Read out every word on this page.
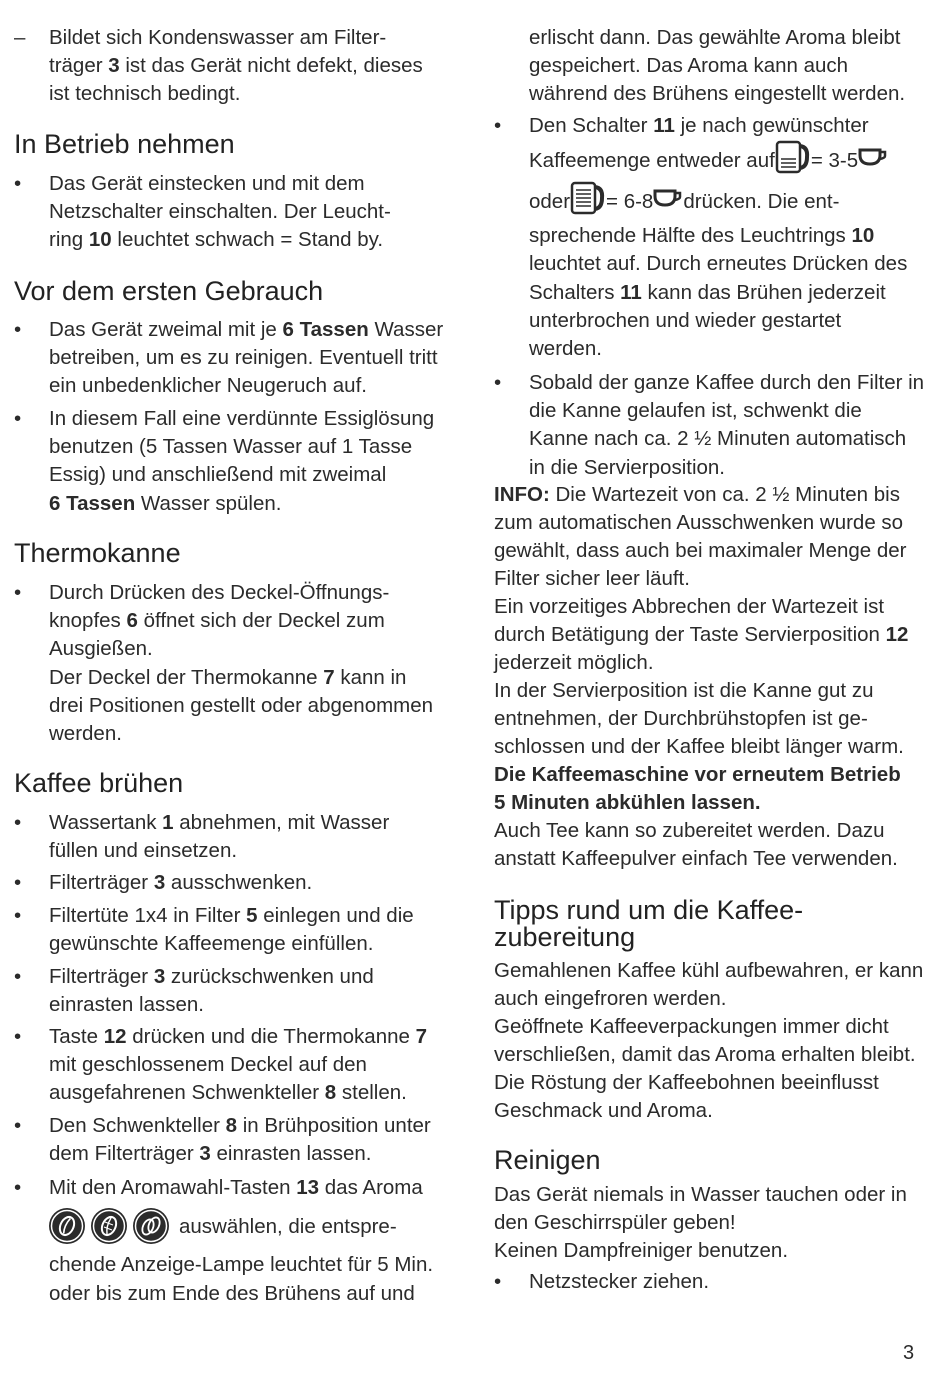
–	Bildet sich Kondenswasser am Filter-
träger 3 ist das Gerät nicht defekt, dieses
ist technisch bedingt.
In Betrieb nehmen
•	Das Gerät einstecken und mit dem
Netzschalter einschalten. Der Leucht-
ring 10 leuchtet schwach = Stand by.
Vor dem ersten Gebrauch
•	Das Gerät zweimal mit je 6 Tassen Wasser
betreiben, um es zu reinigen. Eventuell tritt
ein unbedenklicher Neugeruch auf.
•	In diesem Fall eine verdünnte Essiglösung
benutzen (5 Tassen Wasser auf 1 Tasse
Essig) und anschließend mit zweimal
6 Tassen Wasser spülen.
Thermokanne
•	Durch Drücken des Deckel-Öffnungs-
knopfes 6 öffnet sich der Deckel zum
Ausgießen.
Der Deckel der Thermokanne 7 kann in
drei Positionen gestellt oder abgenommen
werden.
Kaffee brühen
•	Wassertank 1 abnehmen, mit Wasser
füllen und einsetzen.
•	Filterträger 3 ausschwenken.
•	Filtertüte 1x4 in Filter 5 einlegen und die
gewünschte Kaffeemenge einfüllen.
•	Filterträger 3 zurückschwenken und
einrasten lassen.
•	Taste 12 drücken und die Thermokanne 7
mit geschlossenem Deckel auf den
ausgefahrenen Schwenkteller 8 stellen.
•	Den Schwenkteller 8 in Brühposition unter
dem Filterträger 3 einrasten lassen.
•	Mit den Aromawahl-Tasten 13 das Aroma

auswählen, die entspre-
chende Anzeige-Lampe leuchtet für 5 Min.
oder bis zum Ende des Brühens auf und
erlischt dann. Das gewählte Aroma bleibt
gespeichert. Das Aroma kann auch
während des Brühens eingestellt werden.
•	Den Schalter 11 je nach gewünschter

Kaffeemenge entweder auf = 3-5
oder = 6-8 drücken. Die ent-
sprechende Hälfte des Leuchtrings 10
leuchtet auf. Durch erneutes Drücken des
Schalters 11 kann das Brühen jederzeit
unterbrochen und wieder gestartet
werden.
•	Sobald der ganze Kaffee durch den Filter in
die Kanne gelaufen ist, schwenkt die
Kanne nach ca. 2 ½ Minuten automatisch
in die Servierposition.
INFO: Die Wartezeit von ca. 2 ½ Minuten bis
zum automatischen Ausschwenken wurde so
gewählt, dass auch bei maximaler Menge der
Filter sicher leer läuft.
Ein vorzeitiges Abbrechen der Wartezeit ist
durch Betätigung der Taste Servierposition 12
jederzeit möglich.
In der Servierposition ist die Kanne gut zu
entnehmen, der Durchbrühstopfen ist ge-
schlossen und der Kaffee bleibt länger warm.
Die Kaffeemaschine vor erneutem Betrieb
5 Minuten abkühlen lassen.
Auch Tee kann so zubereitet werden. Dazu
anstatt Kaffeepulver einfach Tee verwenden.
Tipps rund um die Kaffee-
zubereitung
Gemahlenen Kaffee kühl aufbewahren, er kann
auch eingefroren werden.
Geöffnete Kaffeeverpackungen immer dicht
verschließen, damit das Aroma erhalten bleibt.
Die Röstung der Kaffeebohnen beeinflusst
Geschmack und Aroma.
Reinigen
Das Gerät niemals in Wasser tauchen oder in
den Geschirrspüler geben!
Keinen Dampfreiniger benutzen.
•	Netzstecker ziehen.
3
